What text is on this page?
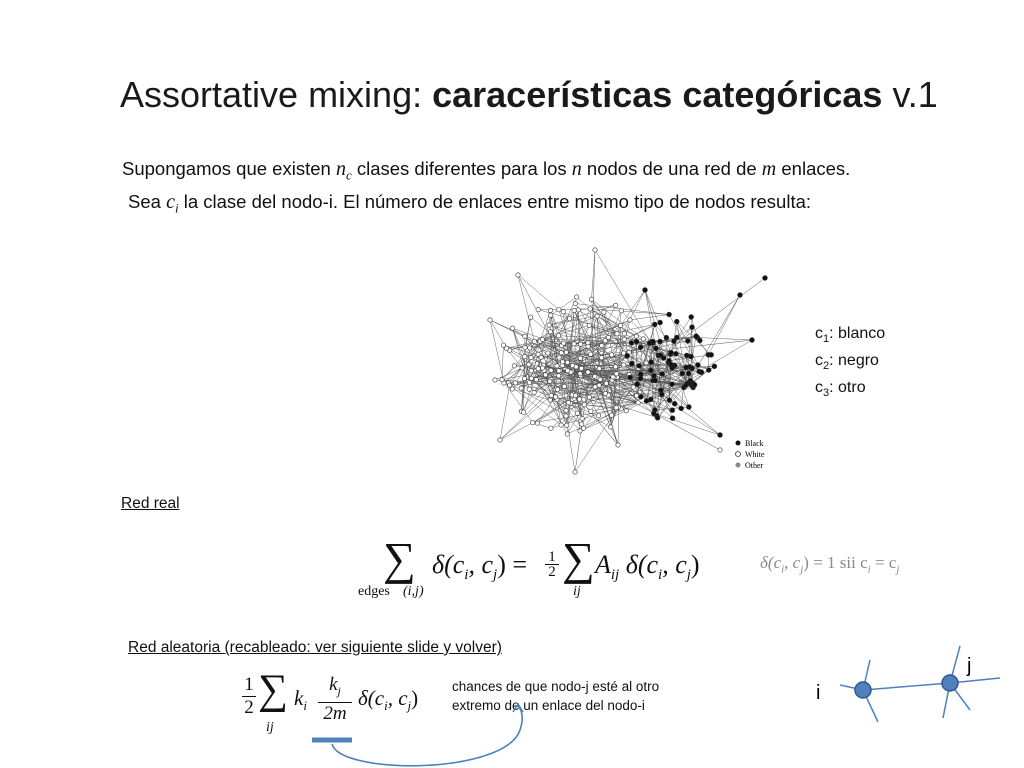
Assortative mixing: caracerísticas categóricas v.1
Supongamos que existen $n_c$ clases diferentes para los n nodos de una red de m enlaces.
Sea $c_i$ la clase del nodo-i. El número de enlaces entre mismo tipo de nodos resulta:
Black
White
Other
$c_1$: blanco
$c_2$: negro
$c_3$: otro
Red real
∑
edges (i,j)
$\delta(c_i$, $c_j) = 1$
2 ∑
ij
$A_{ij}$ $\delta(c_i$, $c_j$)	$\delta(c_i$, $c_j) = 1$ sii $c_i = c_j$
Red aleatoria (recableado: ver siguiente slide y volver)
1
2 ∑
ij
$k_i$
$k_j$
2m
$\delta(c_i$, $c_j$)	chances de que nodo-j esté al otro
extremo de un enlace del nodo-i
i
j
